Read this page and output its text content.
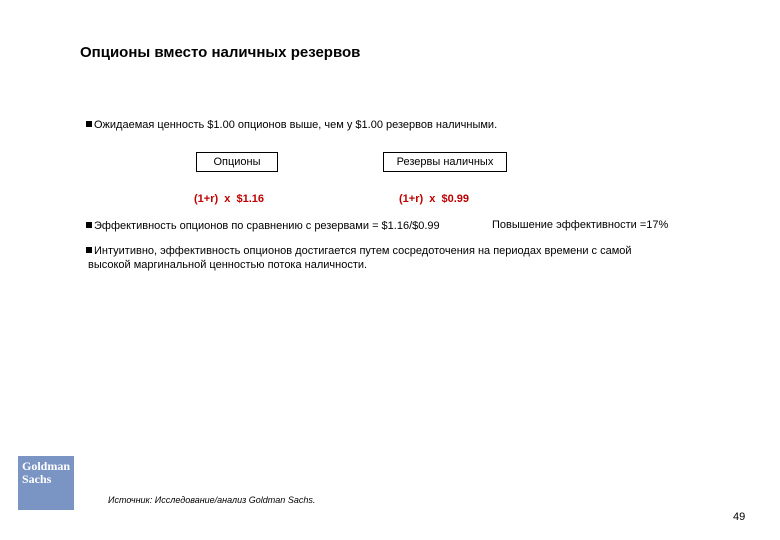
Опционы вместо наличных резервов
Ожидаемая ценность $1.00 опционов выше, чем у $1.00 резервов наличными.
Опционы	Резервы наличных
(1+r)  x  $1.16	(1+r)  x  $0.99
Эффективность опционов по сравнению с резервами = $1.16/$0.99	Повышение эффективности =17%
Интуитивно, эффективность опционов достигается путем сосредоточения на периодах времени с самой
высокой маргинальной ценностью потока наличности.
Goldman
Sachs
Источник: Исследование/анализ Goldman Sachs.
49
